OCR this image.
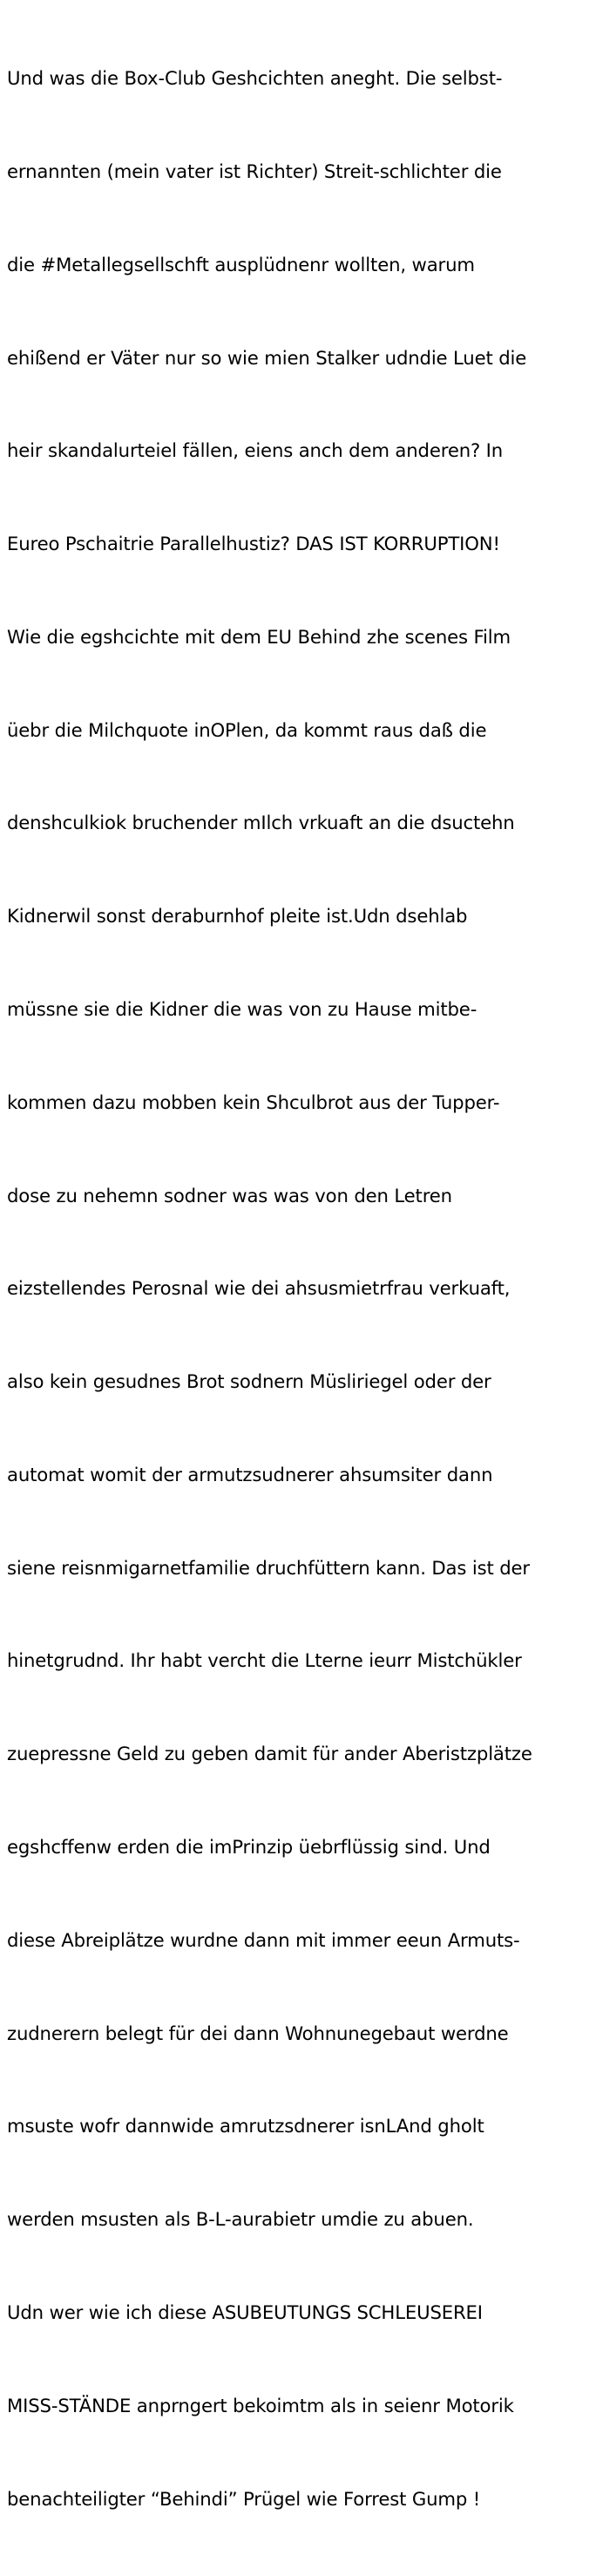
Und was die Box-Club Geshcichten aneght. Die selbst-

ernannten (mein vater ist Richter) Streit-schlichter die

die #Metallegsellschft ausplüdnenr wollten, warum

ehißend er Väter nur so wie mien Stalker udndie Luet die

heir skandalurteiel fällen, eiens anch dem anderen? In

Eureo Pschaitrie Parallelhustiz? DAS IST KORRUPTION!

Wie die egshcichte mit dem EU Behind zhe scenes Film

üebr die Milchquote inOPlen, da kommt raus daß die

denshculkiok bruchender mIlch vrkuaft an die dsuctehn

Kidnerwil sonst deraburnhof pleite ist.Udn dsehlab

müssne sie die Kidner die was von zu Hause mitbe-

kommen dazu mobben kein Shculbrot aus der Tupper-

dose zu nehemn sodner was was von den Letren

eizstellendes Perosnal wie dei ahsusmietrfrau verkuaft,

also kein gesudnes Brot sodnern Müsliriegel oder der

automat womit der armutzsudnerer ahsumsiter dann

siene reisnmigarnetfamilie druchfüttern kann. Das ist der

hinetgrudnd. Ihr habt vercht die Lterne ieurr Mistchükler

zuepressne Geld zu geben damit für ander Aberistzplätze

egshcffenw erden die imPrinzip üebrflüssig sind. Und

diese Abreiplätze wurdne dann mit immer eeun Armuts-

zudnerern belegt für dei dann Wohnunegebaut werdne

msuste wofr dannwide amrutzsdnerer isnLAnd gholt

werden msusten als B-L-aurabietr umdie zu abuen.

Udn wer wie ich diese ASUBEUTUNGS SCHLEUSEREI

MISS-STÄNDE anprngert bekoimtm als in seienr Motorik

benachteiligter “Behindi” Prügel wie Forrest Gump !
